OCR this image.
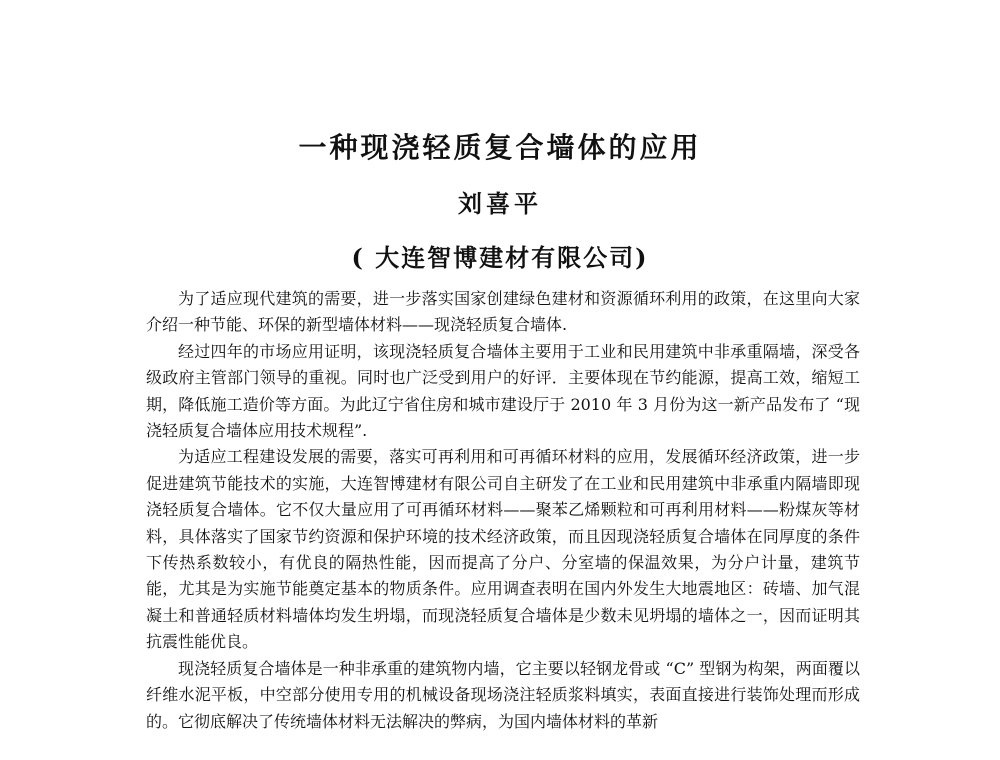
一种现浇轻质复合墙体的应用
刘喜平
( 大连智博建材有限公司)

为了适应现代建筑的需要，进一步落实国家创建绿色建材和资源循环利用的政策，在这里向大家介绍一种节能、环保的新型墙体材料——现浇轻质复合墙体.

经过四年的市场应用证明，该现浇轻质复合墙体主要用于工业和民用建筑中非承重隔墙，深受各级政府主管部门领导的重视。同时也广泛受到用户的好评．主要体现在节约能源，提高工效，缩短工期，降低施工造价等方面。为此辽宁省住房和城市建设厅于 2010 年 3 月份为这一新产品发布了 “现浇轻质复合墙体应用技术规程”.

为适应工程建设发展的需要，落实可再利用和可再循环材料的应用，发展循环经济政策，进一步促进建筑节能技术的实施，大连智博建材有限公司自主研发了在工业和民用建筑中非承重内隔墙即现浇轻质复合墙体。它不仅大量应用了可再循环材料——聚苯乙烯颗粒和可再利用材料——粉煤灰等材料，具体落实了国家节约资源和保护环境的技术经济政策，而且因现浇轻质复合墙体在同厚度的条件下传热系数较小，有优良的隔热性能，因而提高了分户、分室墙的保温效果，为分户计量，建筑节能，尤其是为实施节能奠定基本的物质条件。应用调查表明在国内外发生大地震地区：砖墙、加气混凝土和普通轻质材料墙体均发生坍塌，而现浇轻质复合墙体是少数未见坍塌的墙体之一，因而证明其抗震性能优良。

现浇轻质复合墙体是一种非承重的建筑物内墙，它主要以轻钢龙骨或 “C” 型钢为构架，两面覆以纤维水泥平板，中空部分使用专用的机械设备现场浇注轻质浆料填实，表面直接进行装饰处理而形成的。它彻底解决了传统墙体材料无法解决的弊病，为国内墙体材料的革新
